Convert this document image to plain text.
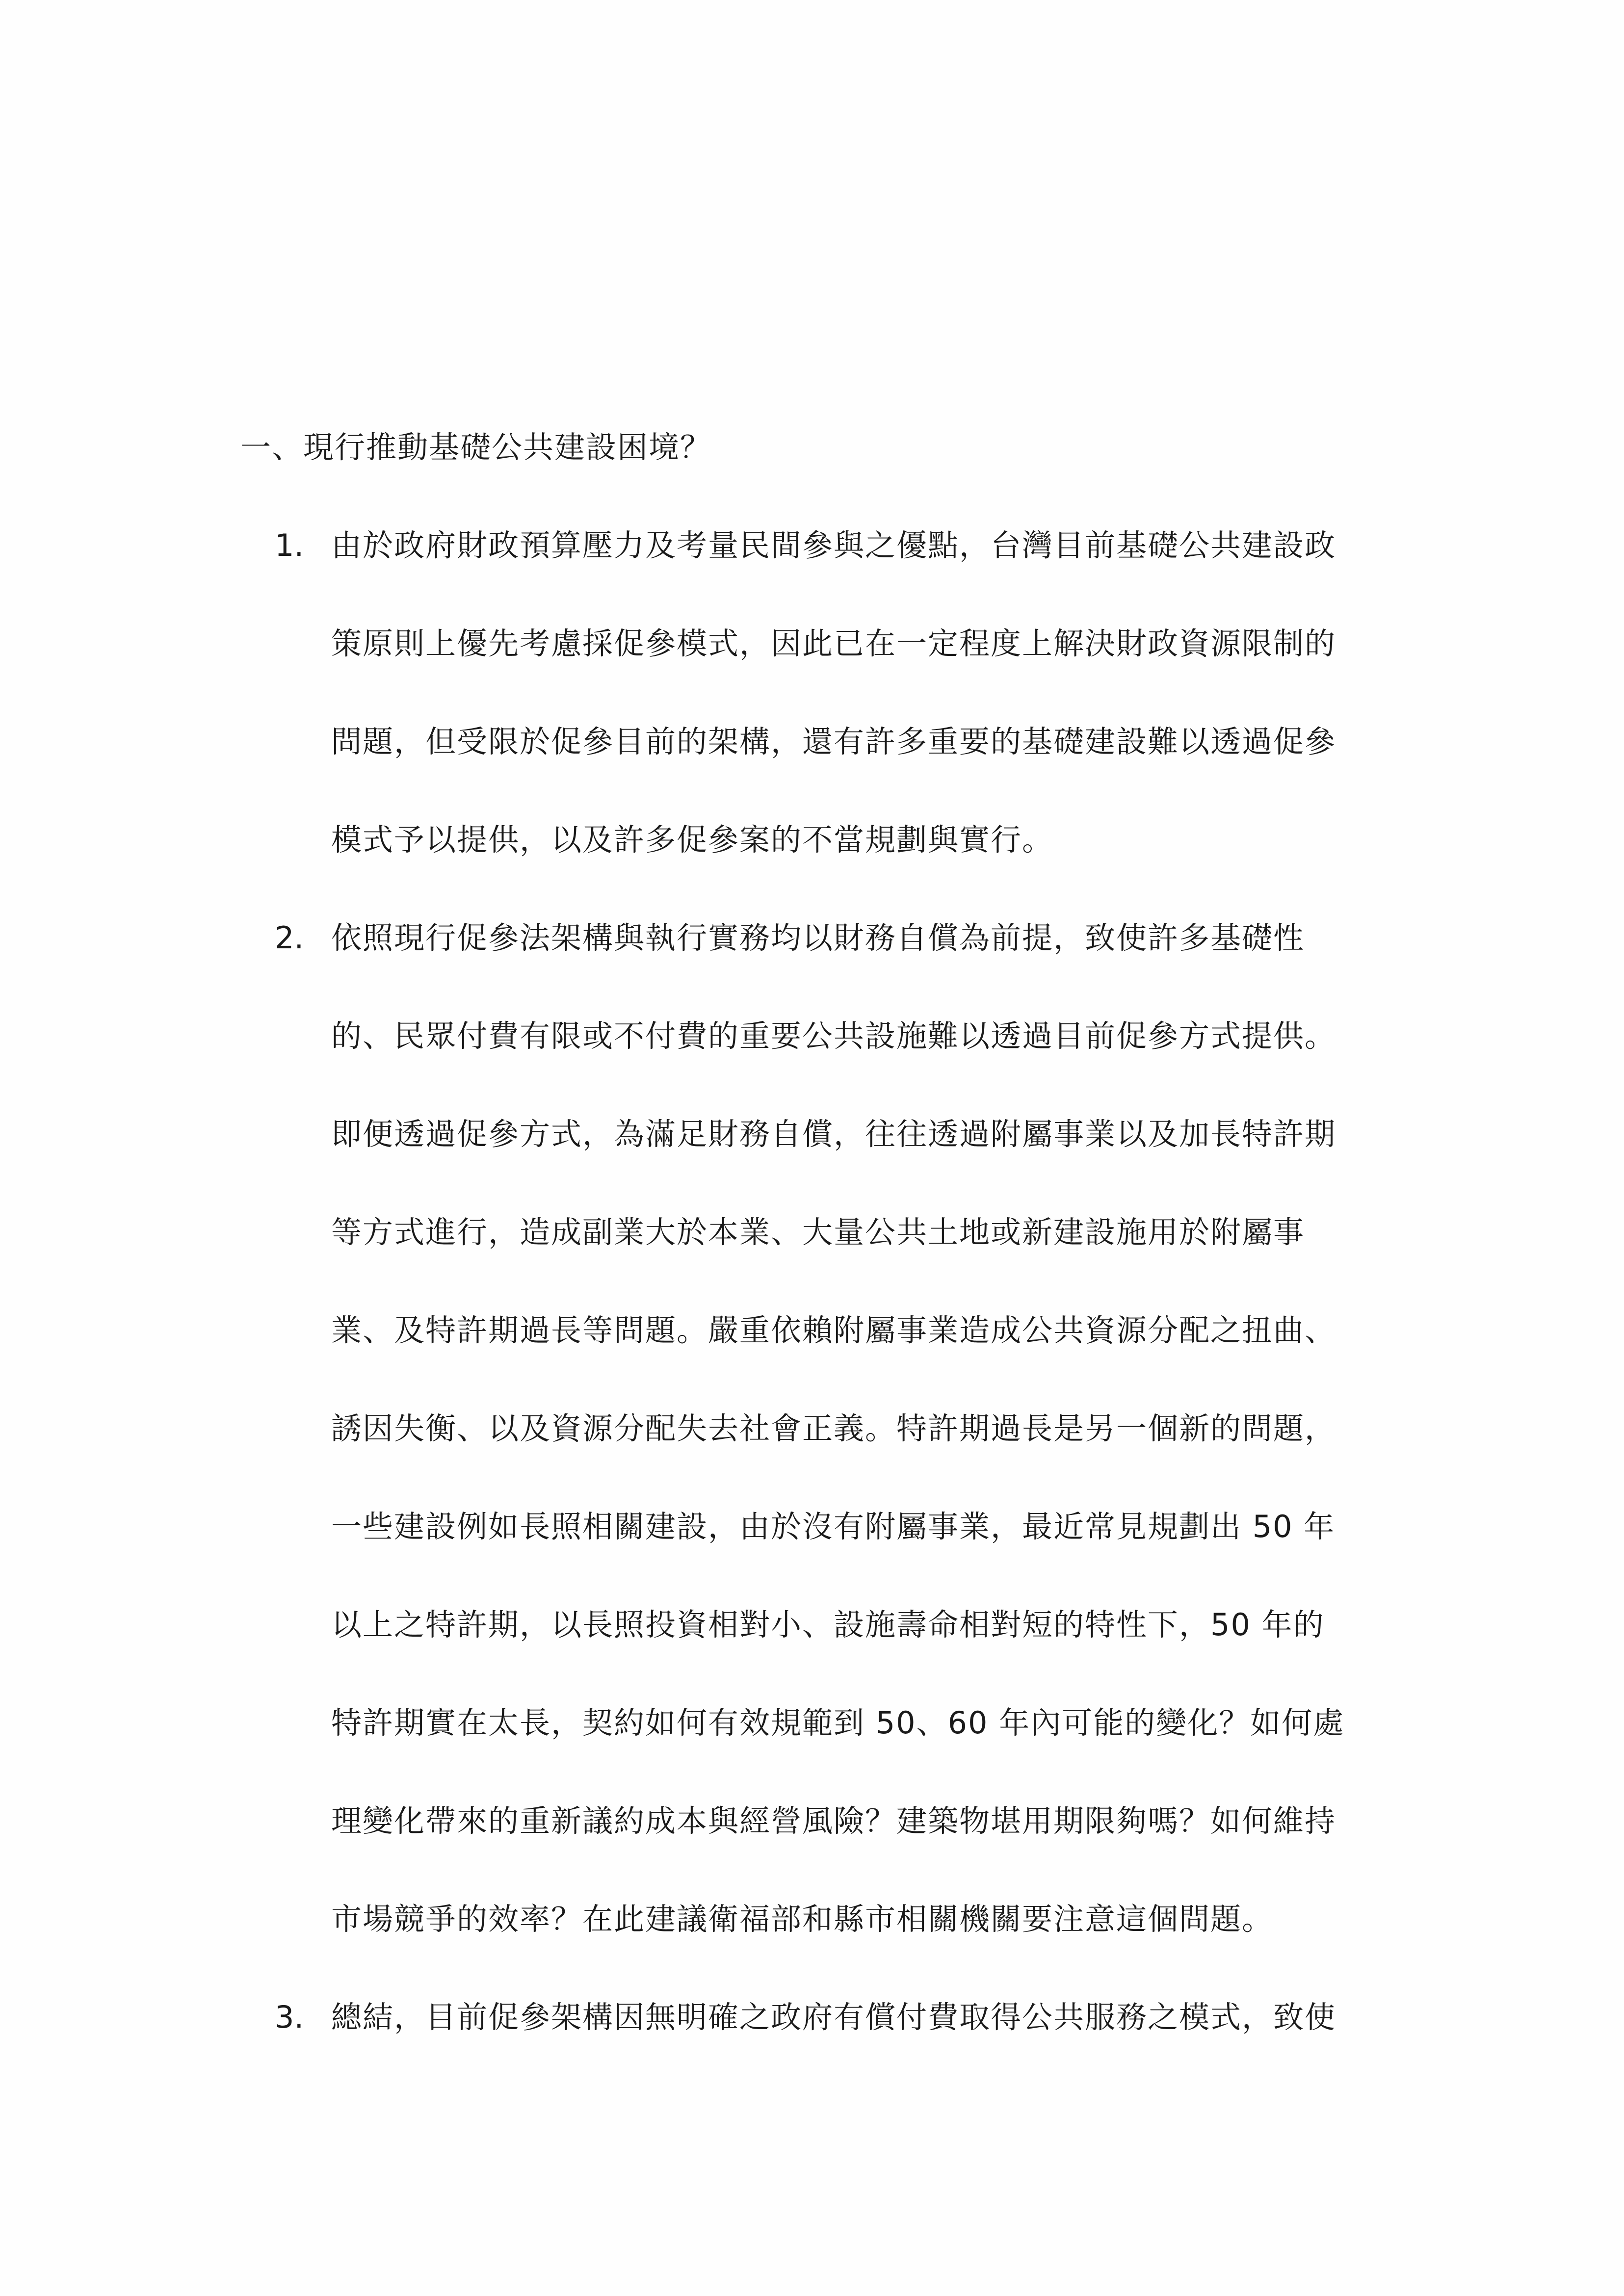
一、現行推動基礎公共建設困境？
1. 由於政府財政預算壓力及考量民間參與之優點，台灣目前基礎公共建設政
策原則上優先考慮採促參模式，因此已在一定程度上解決財政資源限制的
問題，但受限於促參目前的架構，還有許多重要的基礎建設難以透過促參
模式予以提供，以及許多促參案的不當規劃與實行。
2. 依照現行促參法架構與執行實務均以財務自償為前提，致使許多基礎性
的、民眾付費有限或不付費的重要公共設施難以透過目前促參方式提供。
即便透過促參方式，為滿足財務自償，往往透過附屬事業以及加長特許期
等方式進行，造成副業大於本業、大量公共土地或新建設施用於附屬事
業、及特許期過長等問題。嚴重依賴附屬事業造成公共資源分配之扭曲、
誘因失衡、以及資源分配失去社會正義。特許期過長是另一個新的問題，
一些建設例如長照相關建設，由於沒有附屬事業，最近常見規劃出 50 年
以上之特許期，以長照投資相對小、設施壽命相對短的特性下，50 年的
特許期實在太長，契約如何有效規範到 50、60 年內可能的變化？如何處
理變化帶來的重新議約成本與經營風險？建築物堪用期限夠嗎？如何維持
市場競爭的效率？在此建議衛福部和縣市相關機關要注意這個問題。
3. 總結，目前促參架構因無明確之政府有償付費取得公共服務之模式，致使
